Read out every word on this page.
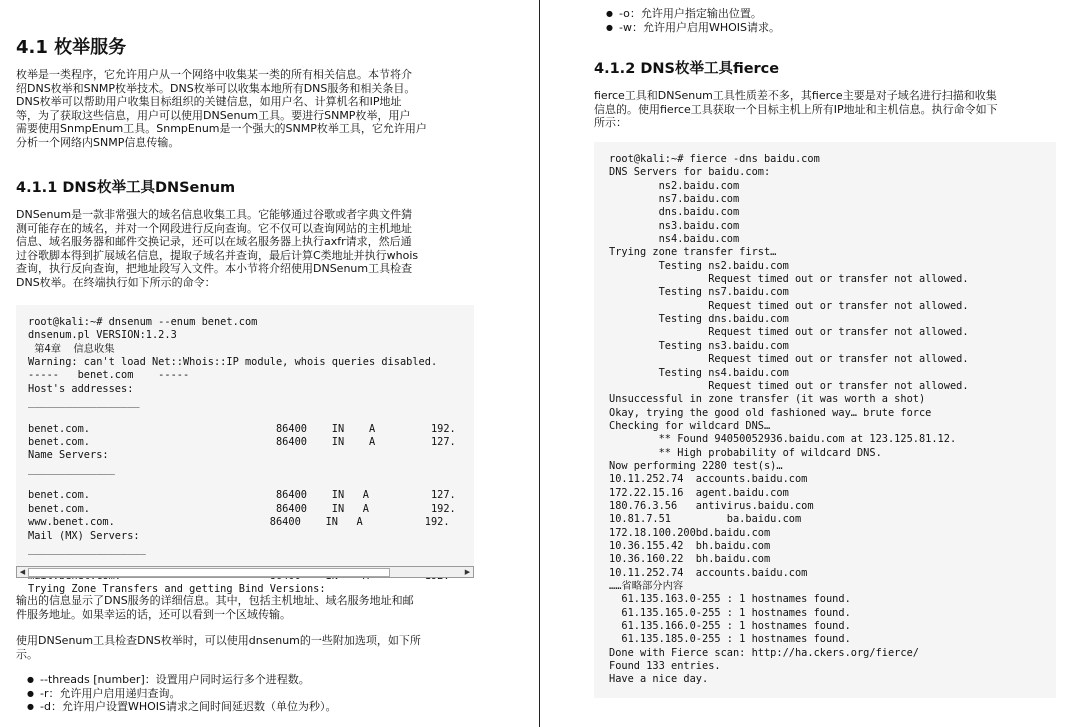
4.1 枚举服务
枚举是一类程序，它允许用户从一个网络中收集某一类的所有相关信息。本节将介
绍DNS枚举和SNMP枚举技术。DNS枚举可以收集本地所有DNS服务和相关条目。
DNS枚举可以帮助用户收集目标组织的关键信息，如用户名、计算机名和IP地址
等，为了获取这些信息，用户可以使用DNSenum工具。要进行SNMP枚举，用户
需要使用SnmpEnum工具。SnmpEnum是一个强大的SNMP枚举工具，它允许用户
分析一个网络内SNMP信息传输。
4.1.1 DNS枚举工具DNSenum
DNSenum是一款非常强大的域名信息收集工具。它能够通过谷歌或者字典文件猜
测可能存在的域名，并对一个网段进行反向查询。它不仅可以查询网站的主机地址
信息、域名服务器和邮件交换记录，还可以在域名服务器上执行axfr请求，然后通
过谷歌脚本得到扩展域名信息，提取子域名并查询，最后计算C类地址并执行whois
查询，执行反向查询，把地址段写入文件。本小节将介绍使用DNSenum工具检查
DNS枚举。在终端执行如下所示的命令：
root@kali:~# dnsenum --enum benet.com
dnsenum.pl VERSION:1.2.3
第4章  信息收集
Warning: can't load Net::Whois::IP module, whois queries disabled.
-----   benet.com    -----
Host's addresses:
__________________

benet.com.                              86400    IN    A         192.
benet.com.                              86400    IN    A         127.
Name Servers:
______________

benet.com.                              86400    IN   A          127.
benet.com.                              86400    IN   A          192.
www.benet.com.                         86400    IN   A          192.
Mail (MX) Servers:
___________________

Trying Zone Transfers and getting Bind Versions:
◀	▶
输出的信息显示了DNS服务的详细信息。其中，包括主机地址、域名服务地址和邮
件服务地址。如果幸运的话，还可以看到一个区域传输。
使用DNSenum工具检查DNS枚举时，可以使用dnsenum的一些附加选项，如下所
示。
● --threads [number]：设置用户同时运行多个进程数。
● -r：允许用户启用递归查询。
● -d：允许用户设置WHOIS请求之间时间延迟数（单位为秒）。
● -o：允许用户指定输出位置。
● -w：允许用户启用WHOIS请求。
4.1.2 DNS枚举工具fierce
fierce工具和DNSenum工具性质差不多，其fierce主要是对子域名进行扫描和收集
信息的。使用fierce工具获取一个目标主机上所有IP地址和主机信息。执行命令如下
所示：
root@kali:~# fierce -dns baidu.com
DNS Servers for baidu.com:
ns2.baidu.com
ns7.baidu.com
dns.baidu.com
ns3.baidu.com
ns4.baidu.com
Trying zone transfer first…
Testing ns2.baidu.com
Request timed out or transfer not allowed.
Testing ns7.baidu.com
Request timed out or transfer not allowed.
Testing dns.baidu.com
Request timed out or transfer not allowed.
Testing ns3.baidu.com
Request timed out or transfer not allowed.
Testing ns4.baidu.com
Request timed out or transfer not allowed.
Unsuccessful in zone transfer (it was worth a shot)
Okay, trying the good old fashioned way… brute force
Checking for wildcard DNS…
** Found 94050052936.baidu.com at 123.125.81.12.
** High probability of wildcard DNS.
Now performing 2280 test(s)…
10.11.252.74  accounts.baidu.com
172.22.15.16  agent.baidu.com
180.76.3.56   antivirus.baidu.com
10.81.7.51         ba.baidu.com
172.18.100.200bd.baidu.com
10.36.155.42  bh.baidu.com
10.36.160.22  bh.baidu.com
10.11.252.74  accounts.baidu.com
……省略部分内容
61.135.163.0-255 : 1 hostnames found.
61.135.165.0-255 : 1 hostnames found.
61.135.166.0-255 : 1 hostnames found.
61.135.185.0-255 : 1 hostnames found.
Done with Fierce scan: http://ha.ckers.org/fierce/
Found 133 entries.
Have a nice day.
